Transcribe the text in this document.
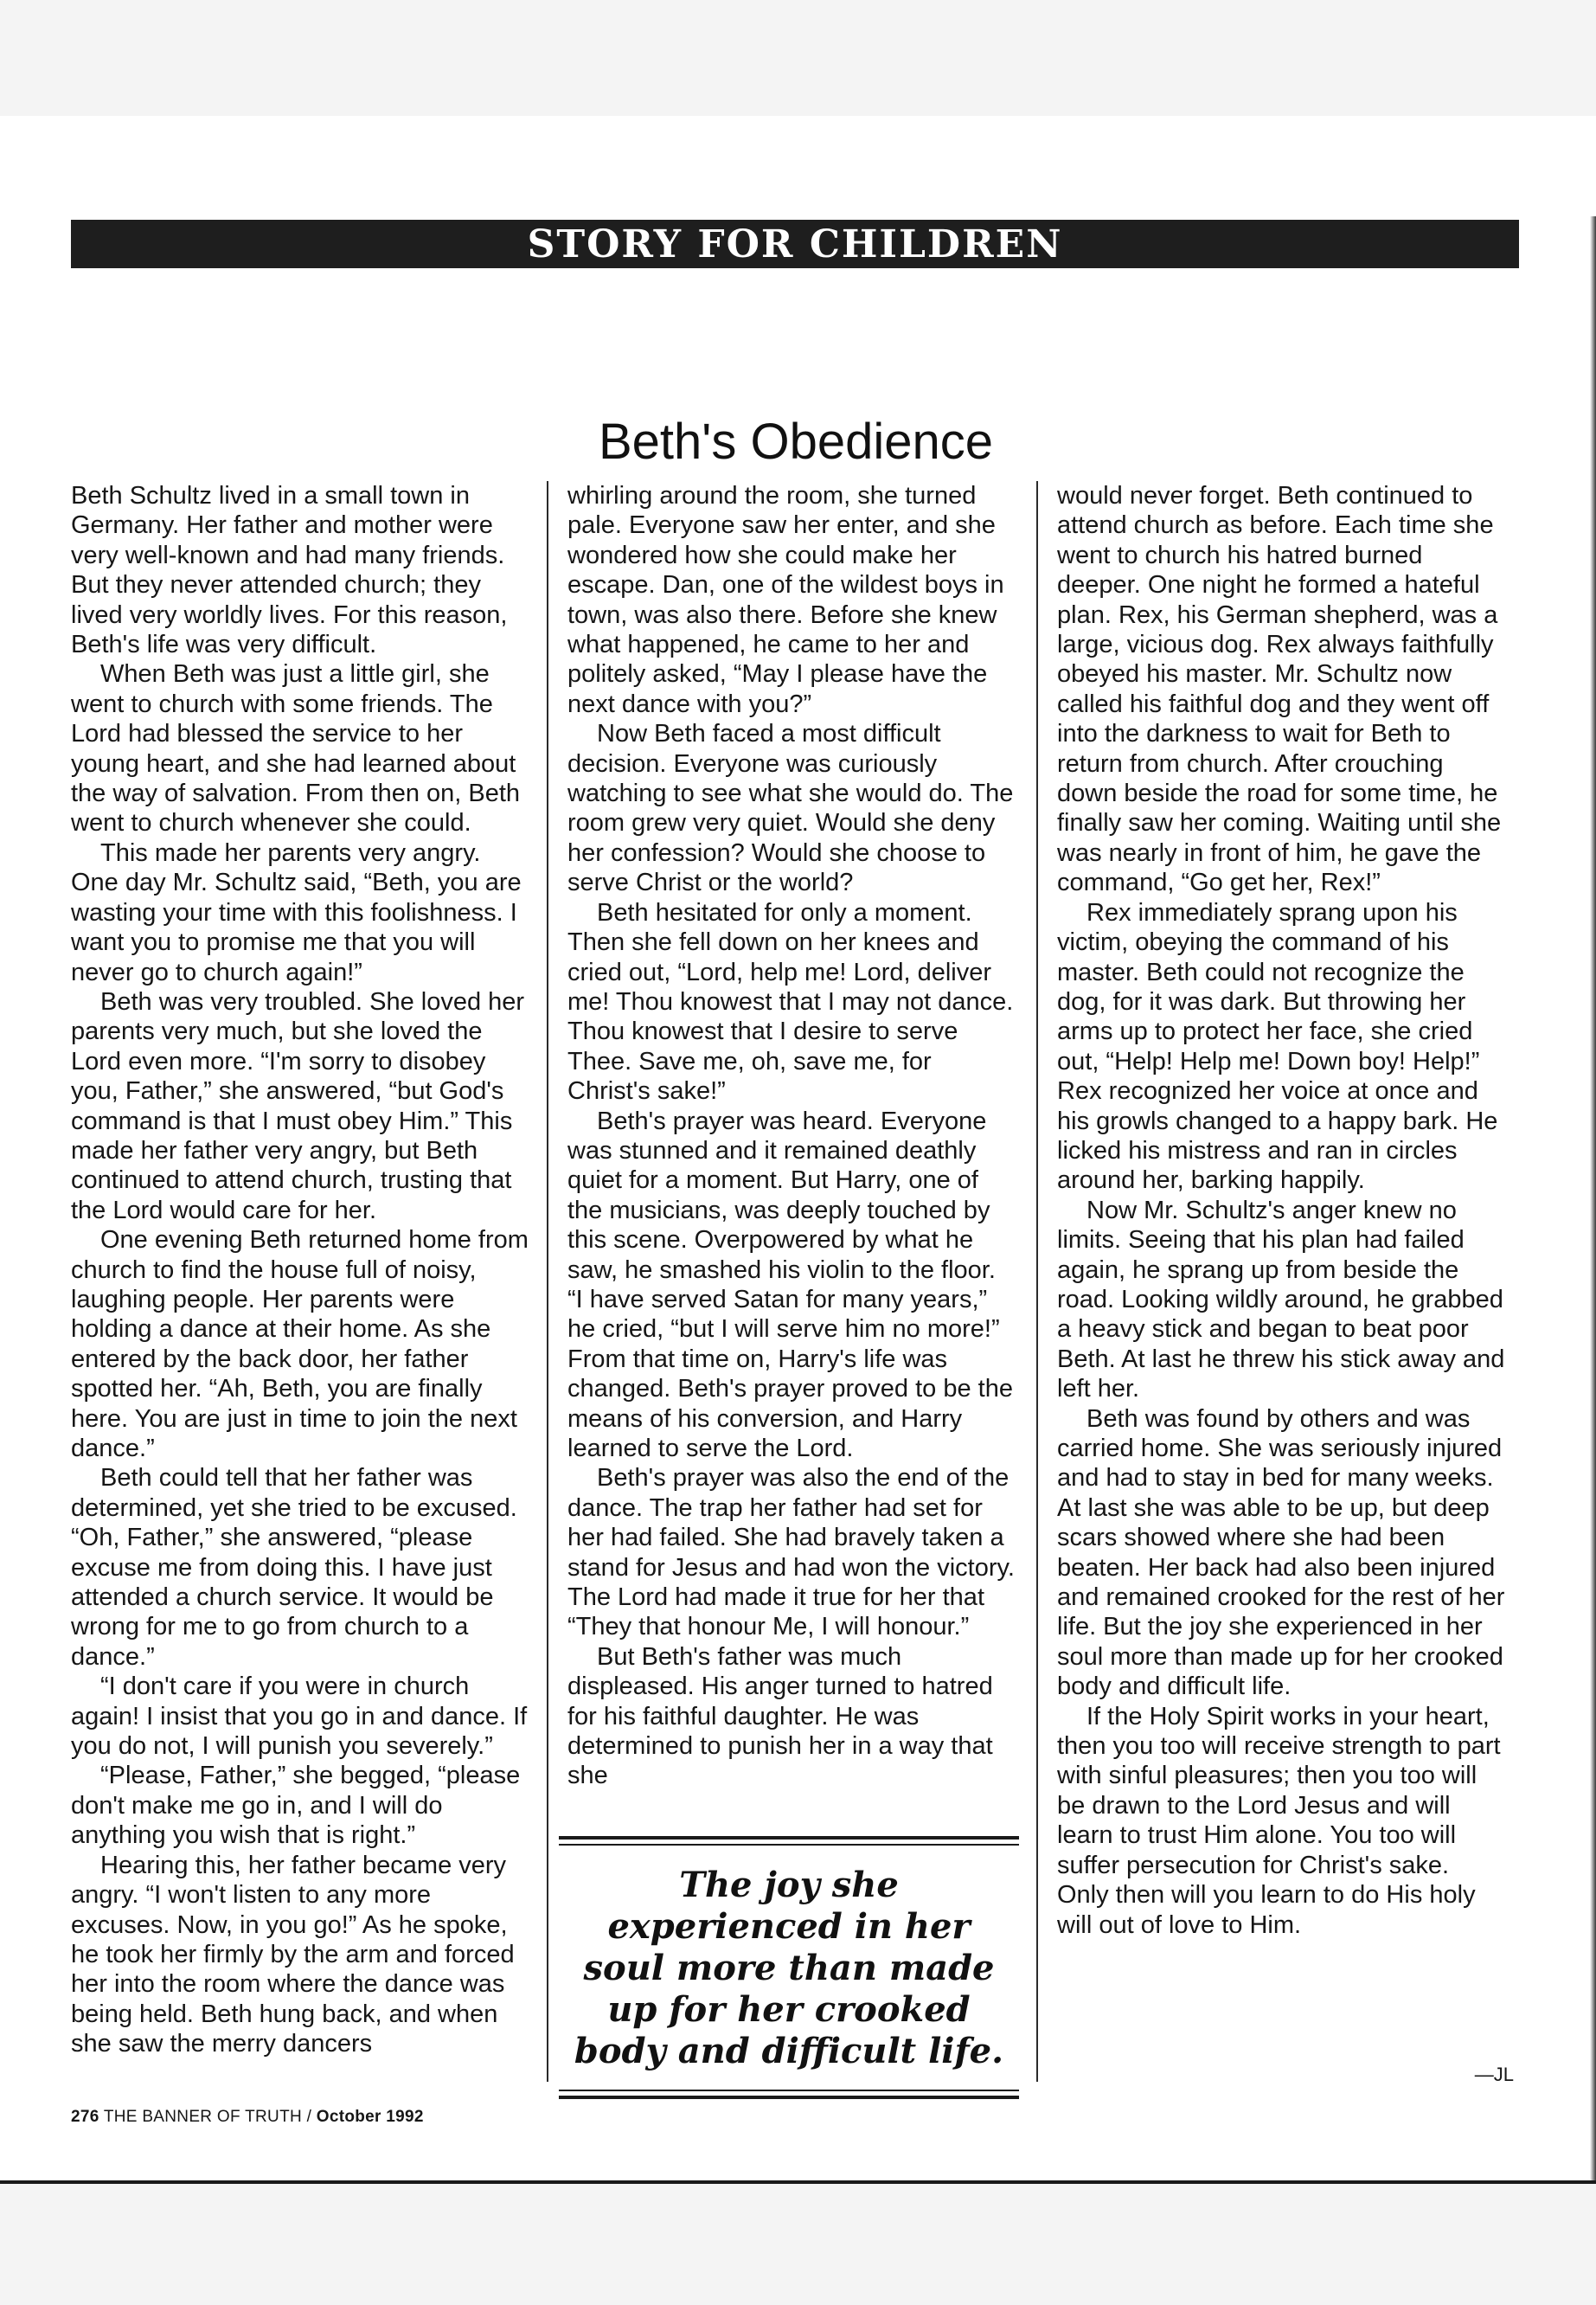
STORY FOR CHILDREN
Beth's Obedience

Beth Schultz lived in a small town in Germany. Her father and mother were very well-known and had many friends. But they never attended church; they lived very worldly lives. For this reason, Beth's life was very difficult.

When Beth was just a little girl, she went to church with some friends. The Lord had blessed the service to her young heart, and she had learned about the way of salvation. From then on, Beth went to church whenever she could.

This made her parents very angry. One day Mr. Schultz said, “Beth, you are wasting your time with this foolishness. I want you to promise me that you will never go to church again!”

Beth was very troubled. She loved her parents very much, but she loved the Lord even more. “I'm sorry to disobey you, Father,” she answered, “but God's command is that I must obey Him.” This made her father very angry, but Beth continued to attend church, trusting that the Lord would care for her.

One evening Beth returned home from church to find the house full of noisy, laughing people. Her parents were holding a dance at their home. As she entered by the back door, her father spotted her. “Ah, Beth, you are finally here. You are just in time to join the next dance.”

Beth could tell that her father was determined, yet she tried to be excused. “Oh, Father,” she answered, “please excuse me from doing this. I have just attended a church service. It would be wrong for me to go from church to a dance.”

“I don't care if you were in church again! I insist that you go in and dance. If you do not, I will punish you severely.”

“Please, Father,” she begged, “please don't make me go in, and I will do anything you wish that is right.”

Hearing this, her father became very angry. “I won't listen to any more excuses. Now, in you go!” As he spoke, he took her firmly by the arm and forced her into the room where the dance was being held. Beth hung back, and when she saw the merry dancers

whirling around the room, she turned pale. Everyone saw her enter, and she wondered how she could make her escape. Dan, one of the wildest boys in town, was also there. Before she knew what happened, he came to her and politely asked, “May I please have the next dance with you?”

Now Beth faced a most difficult decision. Everyone was curiously watching to see what she would do. The room grew very quiet. Would she deny her confession? Would she choose to serve Christ or the world?

Beth hesitated for only a moment. Then she fell down on her knees and cried out, “Lord, help me! Lord, deliver me! Thou knowest that I may not dance. Thou knowest that I desire to serve Thee. Save me, oh, save me, for Christ's sake!”

Beth's prayer was heard. Everyone was stunned and it remained deathly quiet for a moment. But Harry, one of the musicians, was deeply touched by this scene. Overpowered by what he saw, he smashed his violin to the floor. “I have served Satan for many years,” he cried, “but I will serve him no more!” From that time on, Harry's life was changed. Beth's prayer proved to be the means of his conversion, and Harry learned to serve the Lord.

Beth's prayer was also the end of the dance. The trap her father had set for her had failed. She had bravely taken a stand for Jesus and had won the victory. The Lord had made it true for her that “They that honour Me, I will honour.”

But Beth's father was much displeased. His anger turned to hatred for his faithful daughter. He was determined to punish her in a way that she

The joy she experienced in her soul more than made up for her crooked body and difficult life.

would never forget. Beth continued to attend church as before. Each time she went to church his hatred burned deeper. One night he formed a hateful plan. Rex, his German shepherd, was a large, vicious dog. Rex always faithfully obeyed his master. Mr. Schultz now called his faithful dog and they went off into the darkness to wait for Beth to return from church. After crouching down beside the road for some time, he finally saw her coming. Waiting until she was nearly in front of him, he gave the command, “Go get her, Rex!”

Rex immediately sprang upon his victim, obeying the command of his master. Beth could not recognize the dog, for it was dark. But throwing her arms up to protect her face, she cried out, “Help! Help me! Down boy! Help!” Rex recognized her voice at once and his growls changed to a happy bark. He licked his mistress and ran in circles around her, barking happily.

Now Mr. Schultz's anger knew no limits. Seeing that his plan had failed again, he sprang up from beside the road. Looking wildly around, he grabbed a heavy stick and began to beat poor Beth. At last he threw his stick away and left her.

Beth was found by others and was carried home. She was seriously injured and had to stay in bed for many weeks. At last she was able to be up, but deep scars showed where she had been beaten. Her back had also been injured and remained crooked for the rest of her life. But the joy she experienced in her soul more than made up for her crooked body and difficult life.

If the Holy Spirit works in your heart, then you too will receive strength to part with sinful pleasures; then you too will be drawn to the Lord Jesus and will learn to trust Him alone. You too will suffer persecution for Christ's sake. Only then will you learn to do His holy will out of love to Him.

—JL
276 THE BANNER OF TRUTH / October 1992
